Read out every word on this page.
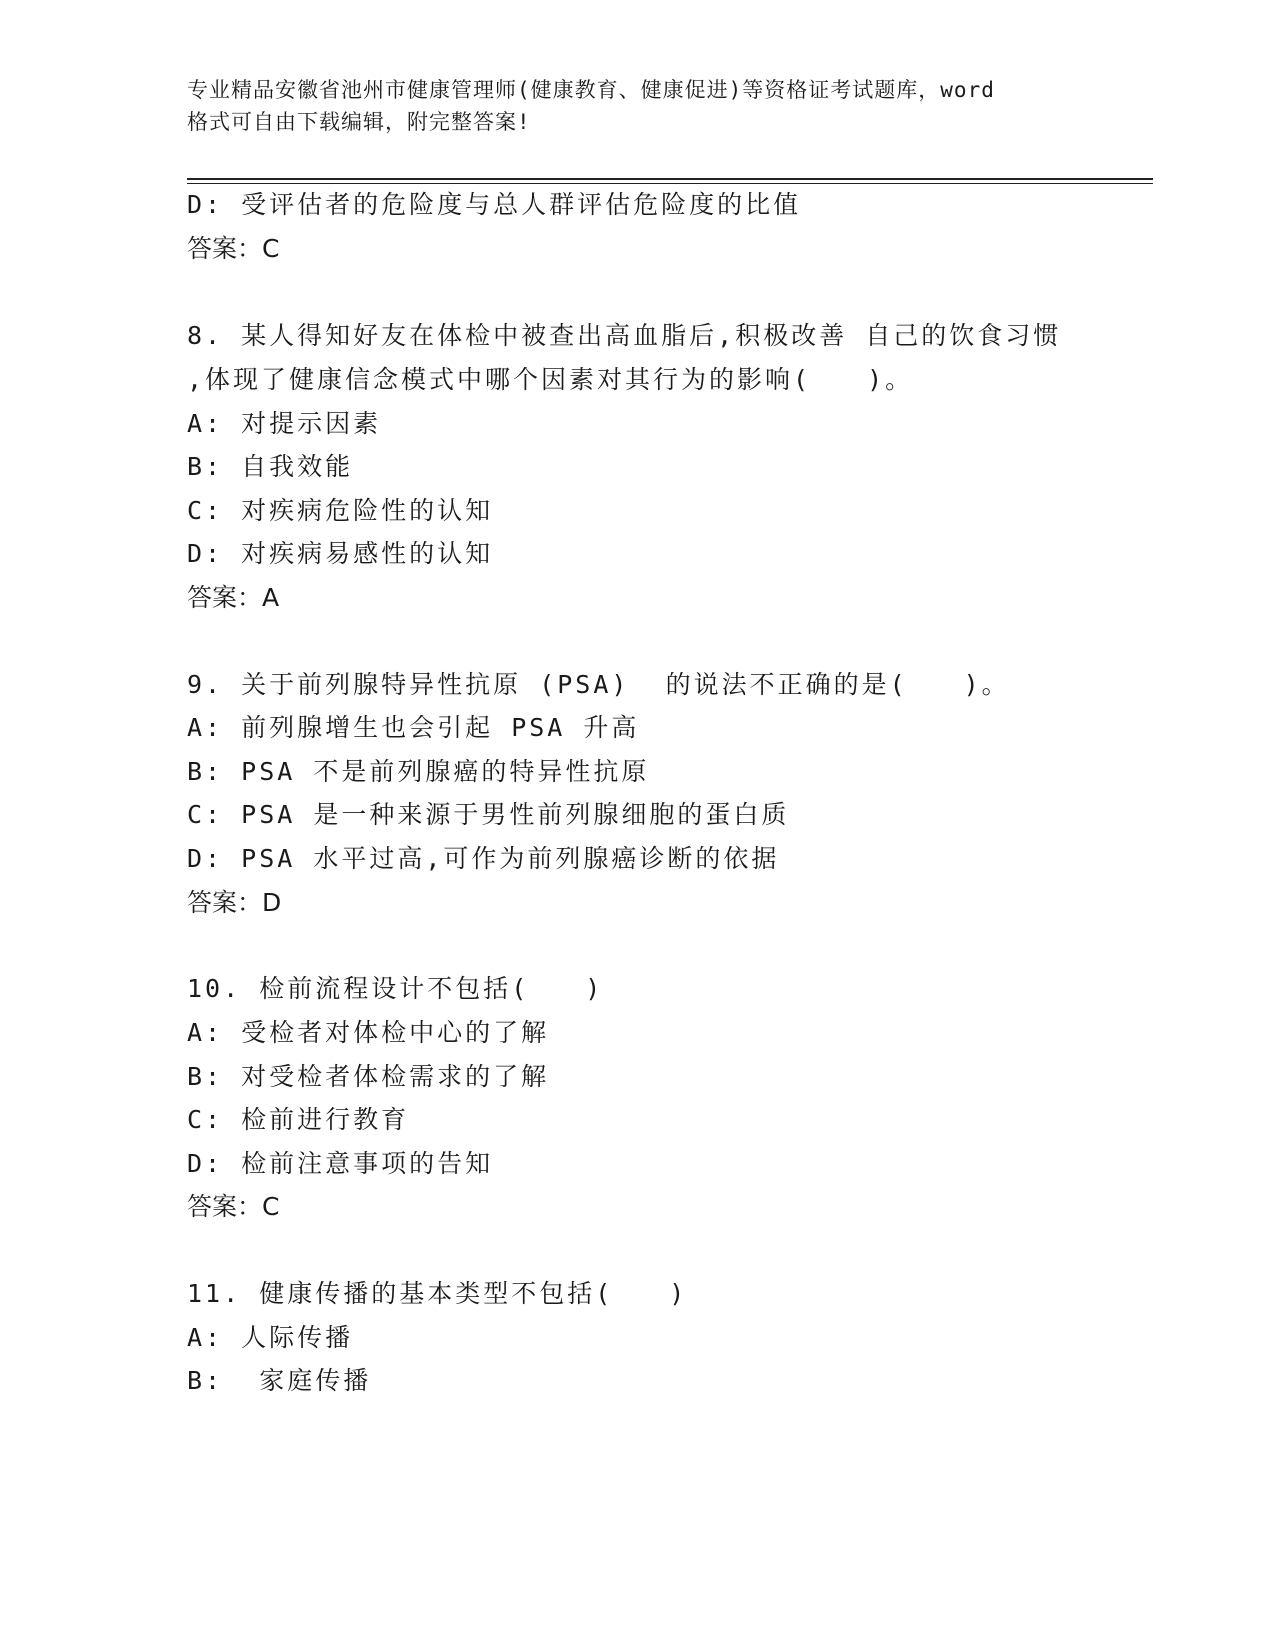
专业精品安徽省池州市健康管理师(健康教育、健康促进)等资格证考试题库，word
格式可自由下载编辑，附完整答案!
D: 受评估者的危险度与总人群评估危险度的比值
答案：C
8. 某人得知好友在体检中被查出高血脂后,积极改善 自己的饮食习惯
,体现了健康信念模式中哪个因素对其行为的影响(　　)。
A: 对提示因素
B: 自我效能
C: 对疾病危险性的认知
D: 对疾病易感性的认知
答案：A
9. 关于前列腺特异性抗原 (PSA)  的说法不正确的是(　　)。
A: 前列腺增生也会引起 PSA 升高
B: PSA 不是前列腺癌的特异性抗原
C: PSA 是一种来源于男性前列腺细胞的蛋白质
D: PSA 水平过高,可作为前列腺癌诊断的依据
答案：D
10. 检前流程设计不包括(　　)
A: 受检者对体检中心的了解
B: 对受检者体检需求的了解
C: 检前进行教育
D: 检前注意事项的告知
答案：C
11. 健康传播的基本类型不包括(　　)
A: 人际传播
B:  家庭传播
